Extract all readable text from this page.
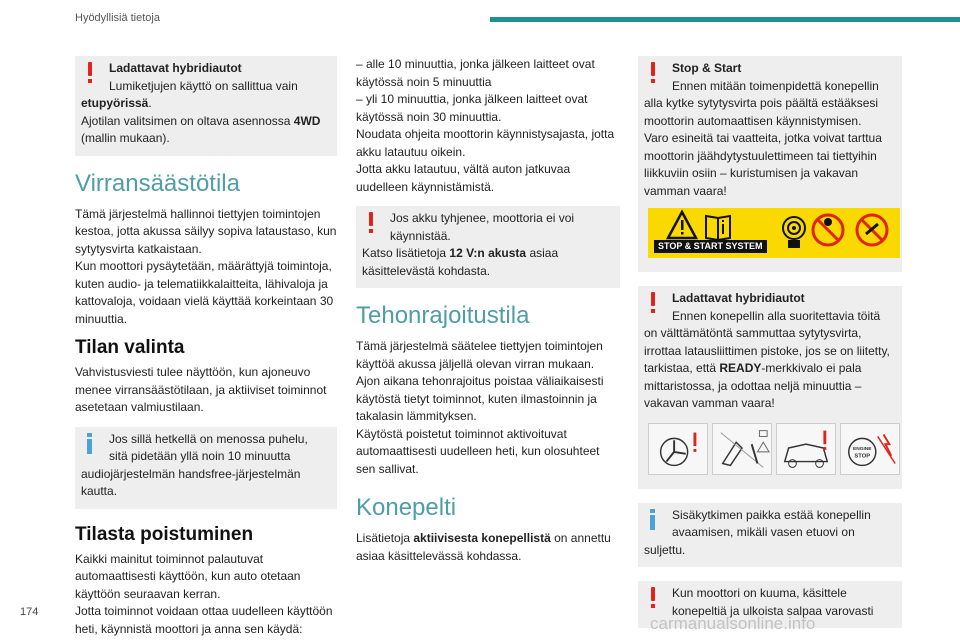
Hyödyllisiä tietoja
Ladattavat hybridiautot
Lumiketjujen käyttö on sallittua vain

etupyörissä.

Ajotilan valitsimen on oltava asennossa 4WD

(mallin mukaan).

Virransäästötila

Tämä järjestelmä hallinnoi tiettyjen toimintojen kestoa, jotta akussa säilyy sopiva lataustaso, kun sytytysvirta katkaistaan.

Kun moottori pysäytetään, määrättyjä toimintoja, kuten audio- ja telematiikkalaitteita, lähivaloja ja kattovaloja, voidaan vielä käyttää korkeintaan 30 minuuttia.

Tilan valinta

Vahvistusviesti tulee näyttöön, kun ajoneuvo menee virransäästötilaan, ja aktiiviset toiminnot asetetaan valmiustilaan.

Jos sillä hetkellä on menossa puhelu,
sitä pidetään yllä noin 10 minuutta

audiojärjestelmän handsfree-järjestelmän kautta.

Tilasta poistuminen

Kaikki mainitut toiminnot palautuvat automaattisesti käyttöön, kun auto otetaan käyttöön seuraavan kerran.

Jotta toiminnot voidaan ottaa uudelleen käyttöön heti, käynnistä moottori ja anna sen käydä:

– alle 10 minuuttia, jonka jälkeen laitteet ovat käytössä noin 5 minuuttia

– yli 10 minuuttia, jonka jälkeen laitteet ovat käytössä noin 30 minuuttia.

Noudata ohjeita moottorin käynnistysajasta, jotta akku latautuu oikein.

Jotta akku latautuu, vältä auton jatkuvaa uudelleen käynnistämistä.

Jos akku tyhjenee, moottoria ei voi
käynnistää.

Katso lisätietoja 12 V:n akusta asiaa käsittelevästä kohdasta.

Tehonrajoitustila

Tämä järjestelmä säätelee tiettyjen toimintojen käyttöä akussa jäljellä olevan virran mukaan.

Ajon aikana tehonrajoitus poistaa väliaikaisesti käytöstä tietyt toiminnot, kuten ilmastoinnin ja takalasin lämmityksen.

Käytöstä poistetut toiminnot aktivoituvat automaattisesti uudelleen heti, kun olosuhteet sen sallivat.

Konepelti

Lisätietoja aktiivisesta konepellistä on annettu asiaa käsittelevässä kohdassa.

Stop & Start
Ennen mitään toimenpidettä konepellin

alla kytke sytytysvirta pois päältä estääksesi moottorin automaattisen käynnistymisen.

Varo esineitä tai vaatteita, jotka voivat tarttua moottorin jäähdytystuulettimeen tai tiettyihin liikkuviin osiin – kuristumisen ja vakavan vamman vaara!

STOP & START SYSTEM
Ladattavat hybridiautot
Ennen konepellin alla suoritettavia töitä

on välttämätöntä sammuttaa sytytysvirta, irrottaa latausliittimen pistoke, jos se on liitetty, tarkistaa, että READY-merkkivalo ei pala mittaristossa, ja odottaa neljä minuuttia – vakavan vamman vaara!

ENGINE
STOP
Sisäkytkimen paikka estää konepellin
avaamisen, mikäli vasen etuovi on

suljettu.

Kun moottori on kuuma, käsittele
konepeltiä ja ulkoista salpaa varovasti
174
carmanualsonline.info
